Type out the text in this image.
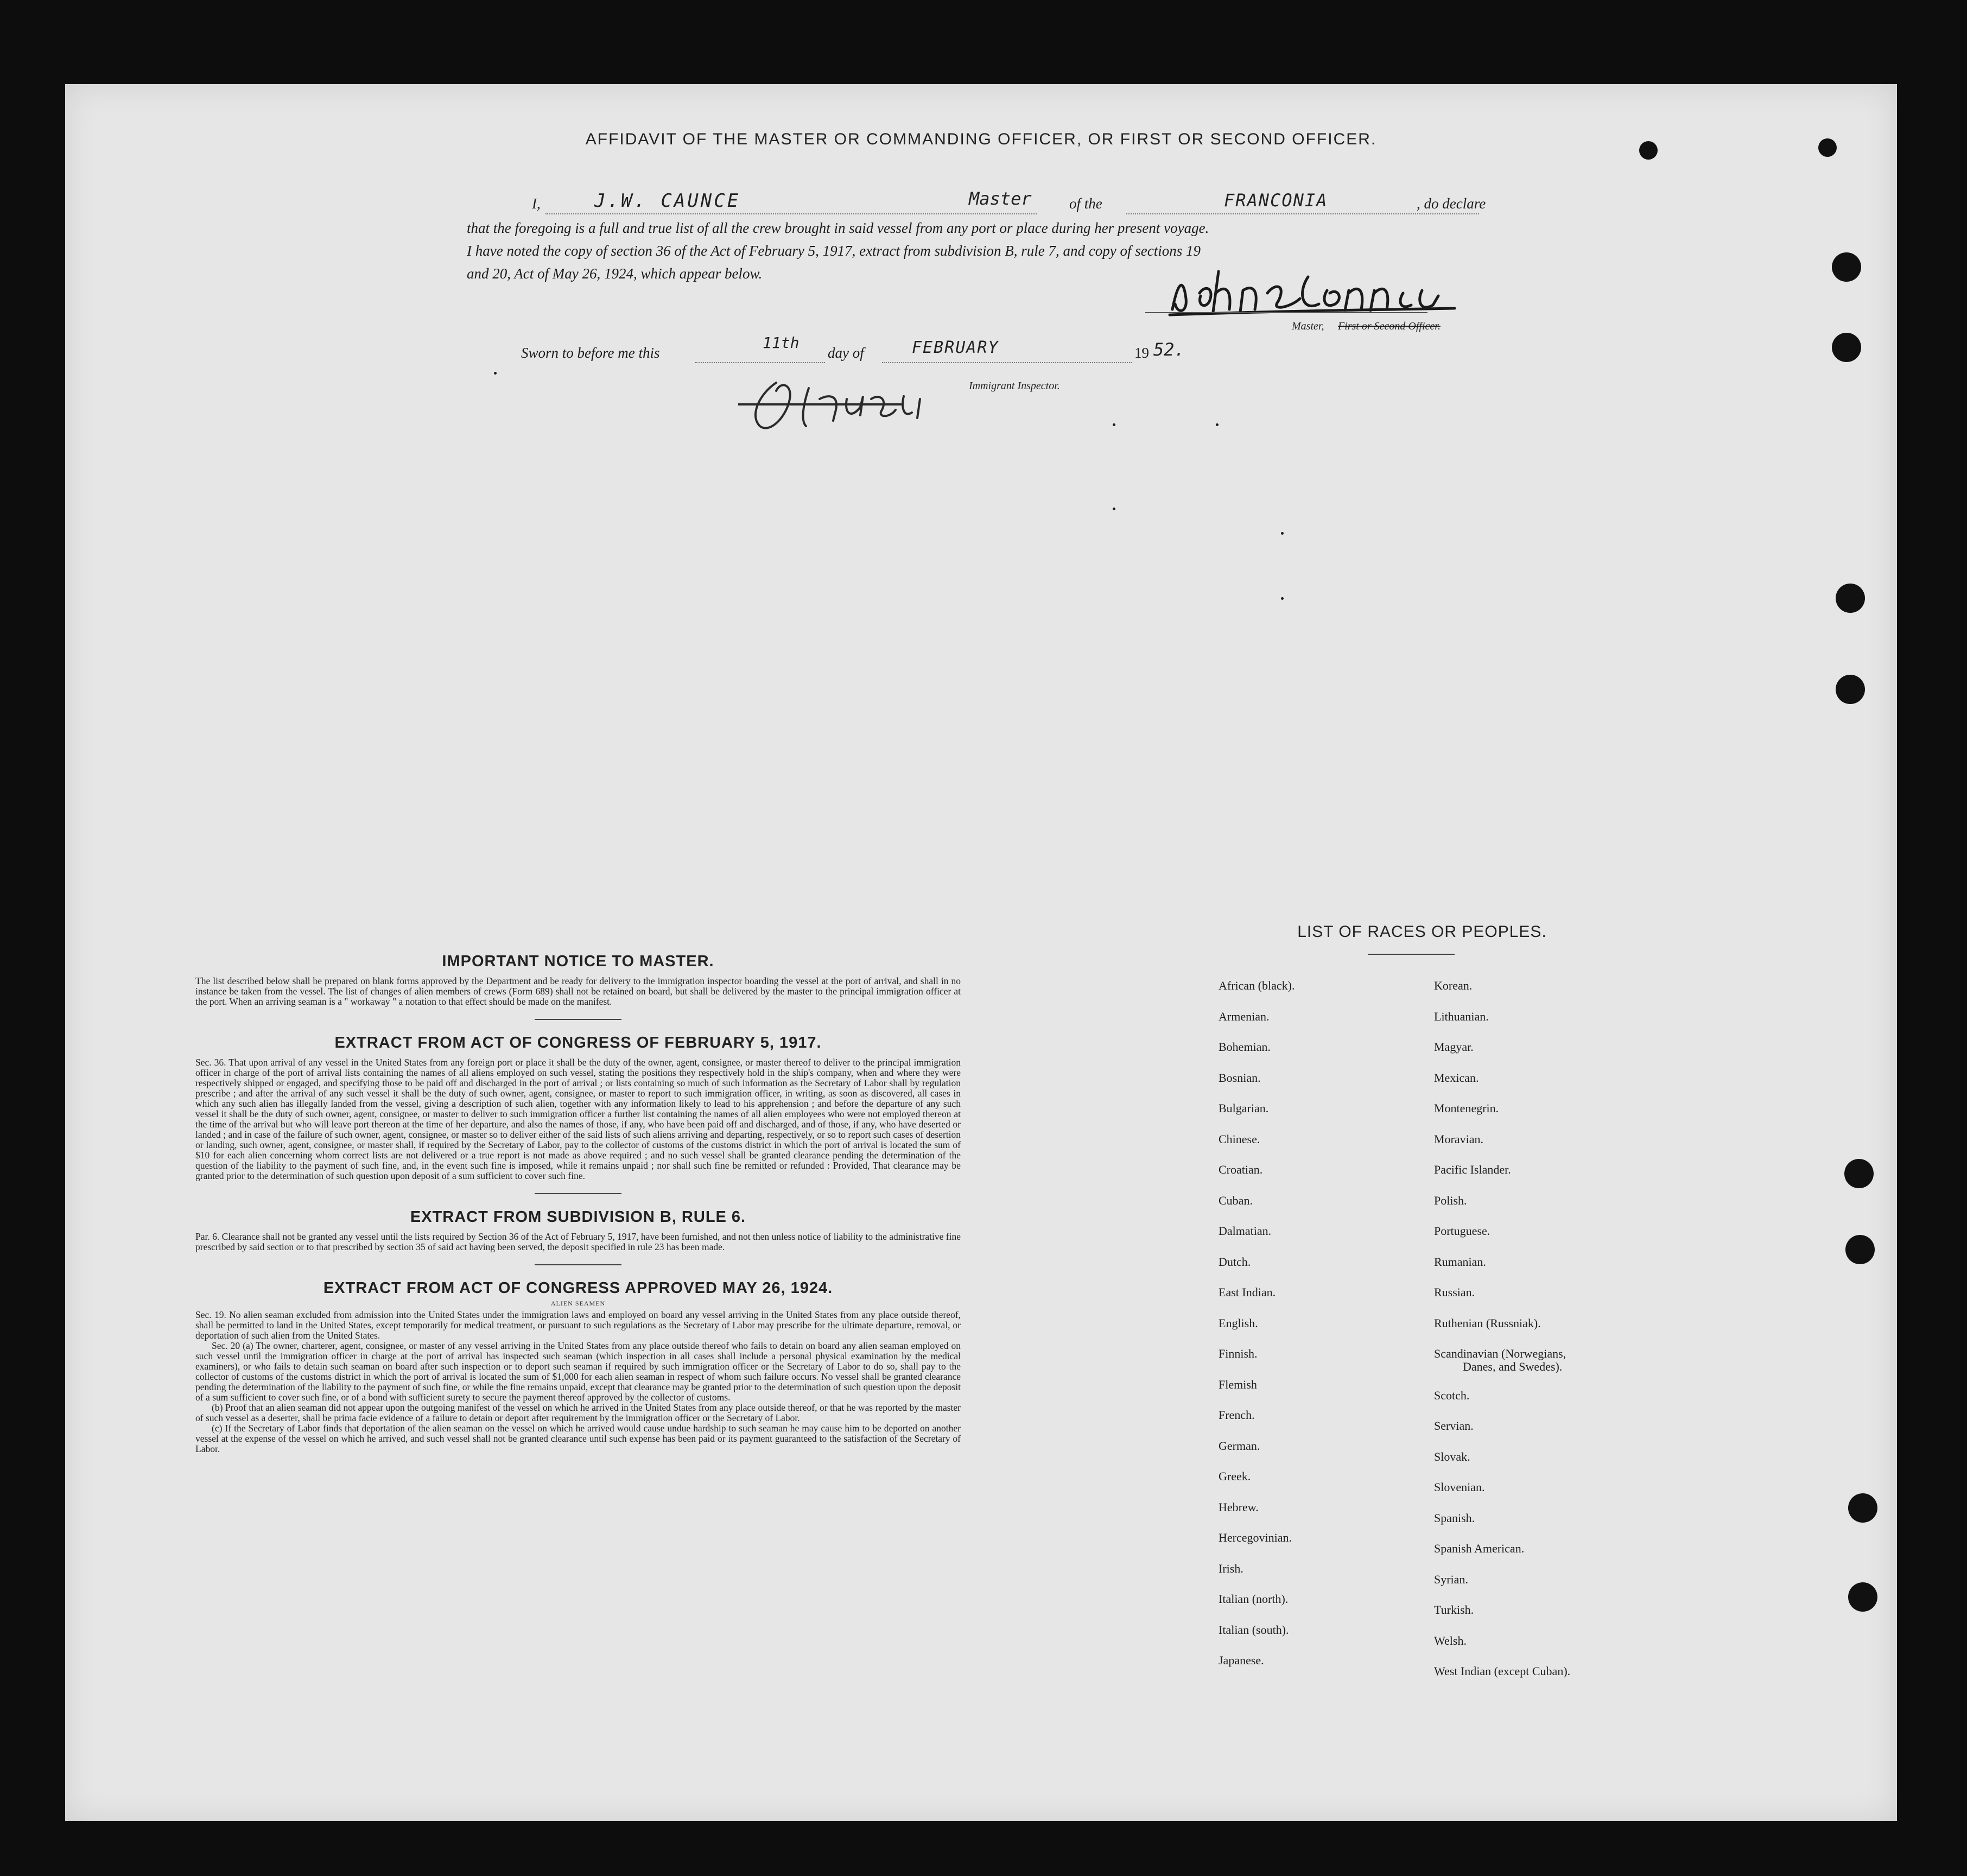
AFFIDAVIT OF THE MASTER OR COMMANDING OFFICER, OR FIRST OR SECOND OFFICER.
I,	J.W. CAUNCE	Master	of the	FRANCONIA	, do declare
that the foregoing is a full and true list of all the crew brought in said vessel from any port or place during her present voyage.
I have noted the copy of section 36 of the Act of February 5, 1917, extract from subdivision B, rule 7, and copy of sections 19
and 20, Act of May 26, 1924, which appear below.
Master, First or Second Officer.
Sworn to before me this
11th
day of	FEBRUARY	19 52.
Immigrant Inspector.
IMPORTANT NOTICE TO MASTER.

The list described below shall be prepared on blank forms approved by the Department and be ready for delivery to the immigration inspector boarding the vessel at the port of arrival, and shall in no instance be taken from the vessel. The list of changes of alien members of crews (Form 689) shall not be retained on board, but shall be delivered by the master to the principal immigration officer at the port. When an arriving seaman is a " workaway " a notation to that effect should be made on the manifest.

EXTRACT FROM ACT OF CONGRESS OF FEBRUARY 5, 1917.

Sec. 36. That upon arrival of any vessel in the United States from any foreign port or place it shall be the duty of the owner, agent, consignee, or master thereof to deliver to the principal immigration officer in charge of the port of arrival lists containing the names of all aliens employed on such vessel, stating the positions they respectively hold in the ship's company, when and where they were respectively shipped or engaged, and specifying those to be paid off and discharged in the port of arrival ; or lists containing so much of such information as the Secretary of Labor shall by regulation prescribe ; and after the arrival of any such vessel it shall be the duty of such owner, agent, consignee, or master to report to such immigration officer, in writing, as soon as discovered, all cases in which any such alien has illegally landed from the vessel, giving a description of such alien, together with any information likely to lead to his apprehension ; and before the departure of any such vessel it shall be the duty of such owner, agent, consignee, or master to deliver to such immigration officer a further list containing the names of all alien employees who were not employed thereon at the time of the arrival but who will leave port thereon at the time of her departure, and also the names of those, if any, who have been paid off and discharged, and of those, if any, who have deserted or landed ; and in case of the failure of such owner, agent, consignee, or master so to deliver either of the said lists of such aliens arriving and departing, respectively, or so to report such cases of desertion or landing, such owner, agent, consignee, or master shall, if required by the Secretary of Labor, pay to the collector of customs of the customs district in which the port of arrival is located the sum of $10 for each alien concerning whom correct lists are not delivered or a true report is not made as above required ; and no such vessel shall be granted clearance pending the determination of the question of the liability to the payment of such fine, and, in the event such fine is imposed, while it remains unpaid ; nor shall such fine be remitted or refunded : Provided, That clearance may be granted prior to the determination of such question upon deposit of a sum sufficient to cover such fine.

EXTRACT FROM SUBDIVISION B, RULE 6.

Par. 6. Clearance shall not be granted any vessel until the lists required by Section 36 of the Act of February 5, 1917, have been furnished, and not then unless notice of liability to the administrative fine prescribed by said section or to that prescribed by section 35 of said act having been served, the deposit specified in rule 23 has been made.

EXTRACT FROM ACT OF CONGRESS APPROVED MAY 26, 1924.
ALIEN SEAMEN

Sec. 19. No alien seaman excluded from admission into the United States under the immigration laws and employed on board any vessel arriving in the United States from any place outside thereof, shall be permitted to land in the United States, except temporarily for medical treatment, or pursuant to such regulations as the Secretary of Labor may prescribe for the ultimate departure, removal, or deportation of such alien from the United States.

Sec. 20 (a) The owner, charterer, agent, consignee, or master of any vessel arriving in the United States from any place outside thereof who fails to detain on board any alien seaman employed on such vessel until the immigration officer in charge at the port of arrival has inspected such seaman (which inspection in all cases shall include a personal physical examination by the medical examiners), or who fails to detain such seaman on board after such inspection or to deport such seaman if required by such immigration officer or the Secretary of Labor to do so, shall pay to the collector of customs of the customs district in which the port of arrival is located the sum of $1,000 for each alien seaman in respect of whom such failure occurs. No vessel shall be granted clearance pending the determination of the liability to the payment of such fine, or while the fine remains unpaid, except that clearance may be granted prior to the determination of such question upon the deposit of a sum sufficient to cover such fine, or of a bond with sufficient surety to secure the payment thereof approved by the collector of customs.

(b) Proof that an alien seaman did not appear upon the outgoing manifest of the vessel on which he arrived in the United States from any place outside thereof, or that he was reported by the master of such vessel as a deserter, shall be prima facie evidence of a failure to detain or deport after requirement by the immigration officer or the Secretary of Labor.

(c) If the Secretary of Labor finds that deportation of the alien seaman on the vessel on which he arrived would cause undue hardship to such seaman he may cause him to be deported on another vessel at the expense of the vessel on which he arrived, and such vessel shall not be granted clearance until such expense has been paid or its payment guaranteed to the satisfaction of the Secretary of Labor.

LIST OF RACES OR PEOPLES.
African (black).
Armenian.
Bohemian.
Bosnian.
Bulgarian.
Chinese.
Croatian.
Cuban.
Dalmatian.
Dutch.
East Indian.
English.
Finnish.
Flemish
French.
German.
Greek.
Hebrew.
Hercegovinian.
Irish.
Italian (north).
Italian (south).
Japanese.
Korean.
Lithuanian.
Magyar.
Mexican.
Montenegrin.
Moravian.
Pacific Islander.
Polish.
Portuguese.
Rumanian.
Russian.
Ruthenian (Russniak).
Scandinavian (Norwegians,
Scotch.
Servian.
Slovak.
Slovenian.
Spanish.
Spanish American.
Syrian.
Turkish.
Welsh.
West Indian (except Cuban).
Danes, and Swedes).
